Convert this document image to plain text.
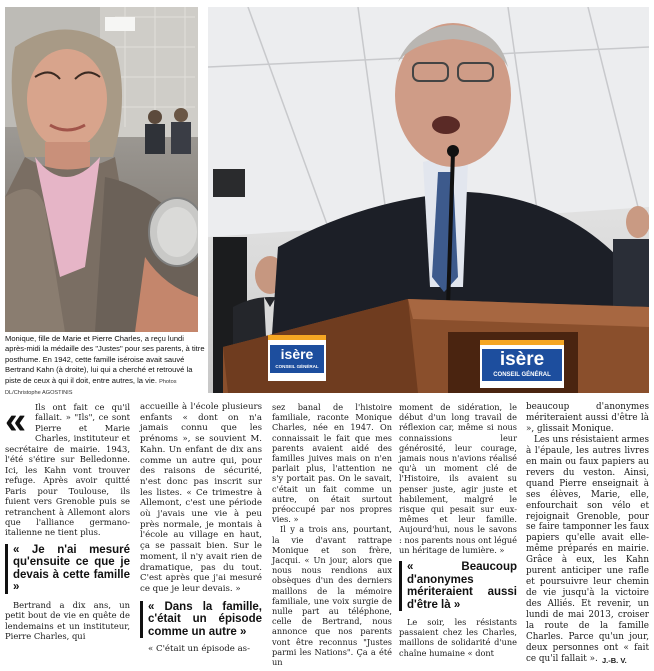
isère
CONSEIL GÉNÉRAL	isère
CONSEIL GÉNÉRAL
Monique, fille de Marie et Pierre Charles, a reçu lundi après-midi la médaille des "Justes" pour ses parents, à titre posthume. En 1942, cette famille iséroise avait sauvé Bertrand Kahn (à droite), lui qui a cherché et retrouvé la piste de ceux à qui il doit, entre autres, la vie. Photos DL/Christophe AGOSTINIS
«	Ils ont fait ce qu'il fallait. » "Ils", ce sont Pierre et Marie Charles, instituteur et secrétaire de mairie. 1943, l'été s'étire sur Belledonne. Ici, les Kahn vont trouver refuge. Après avoir quitté Paris pour Toulouse, ils fuient vers Grenoble puis se retranchent à Allemont alors que l'alliance germano-italienne ne tient plus.

« Je n'ai mesuré qu'ensuite ce que je devais à cette famille »

Bertrand a dix ans, un petit bout de vie en quête de lendemains et un instituteur, Pierre Charles, qui

accueille à l'école plusieurs enfants « dont on n'a jamais connu que les prénoms », se souvient M. Kahn. Un enfant de dix ans comme un autre qui, pour des raisons de sécurité, n'est donc pas inscrit sur les listes. « Ce trimestre à Allemont, c'est une période où j'avais une vie à peu près normale, je montais à l'école au village en haut, ça se passait bien. Sur le moment, il n'y avait rien de dramatique, pas du tout. C'est après que j'ai mesuré ce que je leur devais. »

« Dans la famille, c'était un épisode comme un autre »

« C'était un épisode as-

sez banal de l'histoire familiale, raconte Monique Charles, née en 1947. On connaissait le fait que mes parents avaient aidé des familles juives mais on n'en parlait plus, l'attention ne s'y portait pas. On le savait, c'était un fait comme un autre, on était surtout préoccupé par nos propres vies. »

Il y a trois ans, pourtant, la vie d'avant rattrape Monique et son frère, Jacqui. « Un jour, alors que nous nous rendions aux obsèques d'un des derniers maillons de la mémoire familiale, une voix surgie de nulle part au téléphone, celle de Bertrand, nous annonce que nos parents vont être reconnus "Justes parmi les Nations". Ça a été un

moment de sidération, le début d'un long travail de réflexion car, même si nous connaissions leur générosité, leur courage, jamais nous n'avions réalisé qu'à un moment clé de l'Histoire, ils avaient su penser juste, agir juste et habilement, malgré le risque qui pesait sur eux-mêmes et leur famille. Aujourd'hui, nous le savons : nos parents nous ont légué un héritage de lumière. »

« Beaucoup d'anonymes mériteraient aussi d'être là »

Le soir, les résistants passaient chez les Charles, maillons de solidarité d'une chaîne humaine « dont

beaucoup d'anonymes mériteraient aussi d'être là », glissait Monique.

Les uns résistaient armes à l'épaule, les autres livres en main ou faux papiers au revers du veston. Ainsi, quand Pierre enseignait à ses élèves, Marie, elle, enfourchait son vélo et rejoignait Grenoble, pour se faire tamponner les faux papiers qu'elle avait elle-même préparés en mairie. Grâce à eux, les Kahn purent anticiper une rafle et poursuivre leur chemin de vie jusqu'à la victoire des Alliés. Et revenir, un lundi de mai 2013, croiser la route de la famille Charles. Parce qu'un jour, deux personnes ont « fait ce qu'il fallait ». J.-B. V.
